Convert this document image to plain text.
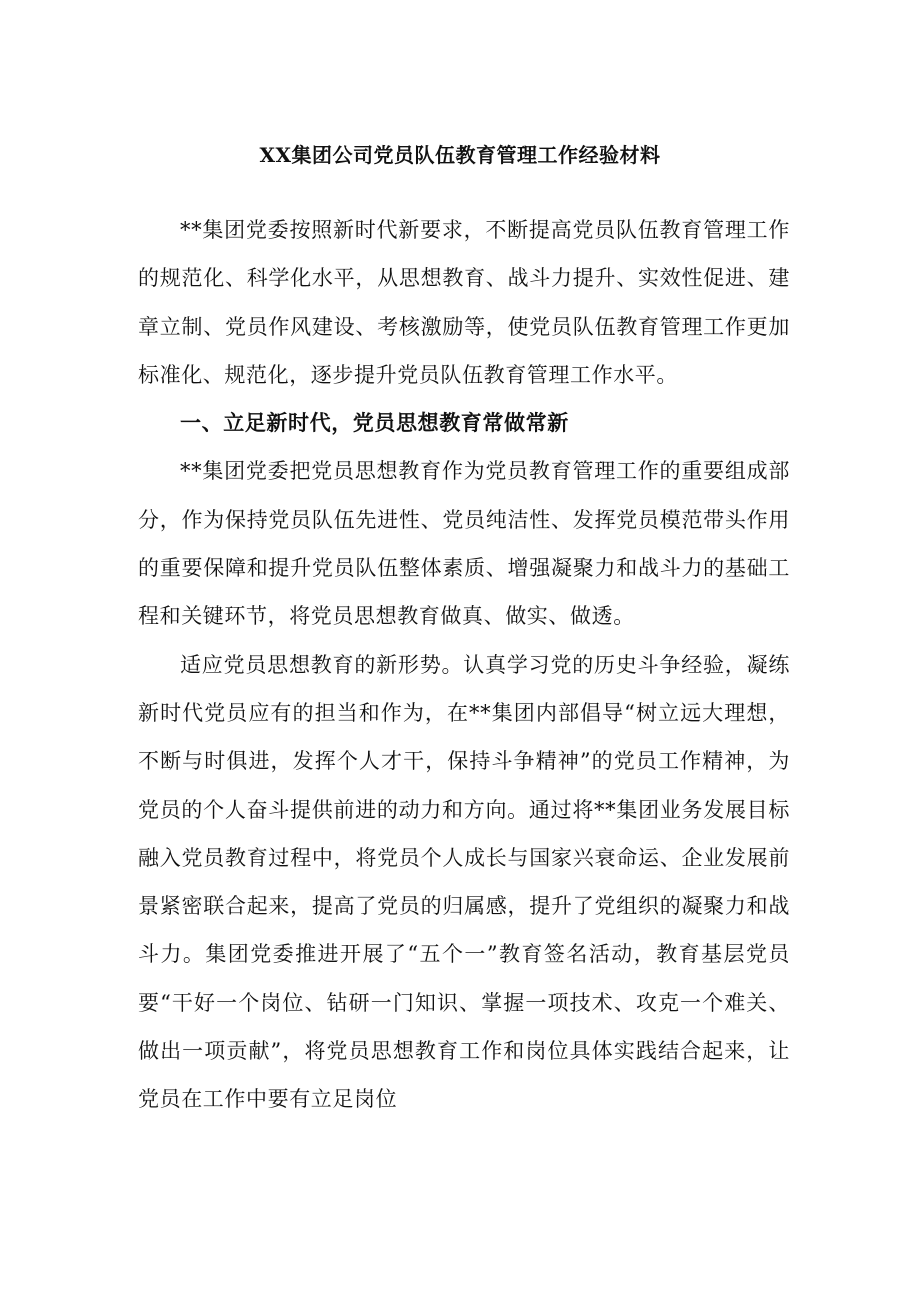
XX集团公司党员队伍教育管理工作经验材料

**集团党委按照新时代新要求，不断提高党员队伍教育管理工作的规范化、科学化水平，从思想教育、战斗力提升、实效性促进、建章立制、党员作风建设、考核激励等，使党员队伍教育管理工作更加标准化、规范化，逐步提升党员队伍教育管理工作水平。

一、立足新时代，党员思想教育常做常新

**集团党委把党员思想教育作为党员教育管理工作的重要组成部分，作为保持党员队伍先进性、党员纯洁性、发挥党员模范带头作用的重要保障和提升党员队伍整体素质、增强凝聚力和战斗力的基础工程和关键环节，将党员思想教育做真、做实、做透。

适应党员思想教育的新形势。认真学习党的历史斗争经验，凝练新时代党员应有的担当和作为，在**集团内部倡导“树立远大理想，不断与时俱进，发挥个人才干，保持斗争精神”的党员工作精神，为党员的个人奋斗提供前进的动力和方向。通过将**集团业务发展目标融入党员教育过程中，将党员个人成长与国家兴衰命运、企业发展前景紧密联合起来，提高了党员的归属感，提升了党组织的凝聚力和战斗力。集团党委推进开展了“五个一”教育签名活动，教育基层党员要“干好一个岗位、钻研一门知识、掌握一项技术、攻克一个难关、做出一项贡献”，将党员思想教育工作和岗位具体实践结合起来，让党员在工作中要有立足岗位
